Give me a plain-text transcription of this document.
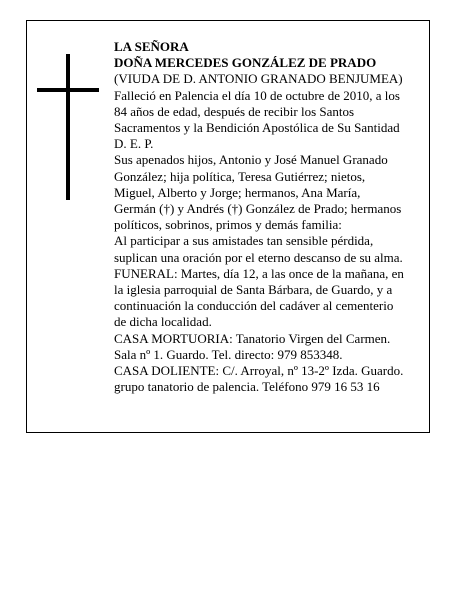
LA SEÑORA

DOÑA MERCEDES GONZÁLEZ DE PRADO

(VIUDA DE D. ANTONIO GRANADO BENJUMEA)

Falleció en Palencia el día 10 de octubre de 2010, a los
84 años de edad, después de recibir los Santos
Sacramentos y la Bendición Apostólica de Su Santidad
D. E. P.
Sus apenados hijos, Antonio y José Manuel Granado
González; hija política, Teresa Gutiérrez; nietos,
Miguel, Alberto y Jorge; hermanos, Ana María,
Germán (†) y Andrés (†) González de Prado; hermanos
políticos, sobrinos, primos y demás familia:
Al participar a sus amistades tan sensible pérdida,
suplican una oración por el eterno descanso de su alma.
FUNERAL: Martes, día 12, a las once de la mañana, en
la iglesia parroquial de Santa Bárbara, de Guardo, y a
continuación la conducción del cadáver al cementerio
de dicha localidad.
CASA MORTUORIA: Tanatorio Virgen del Carmen.
Sala nº 1. Guardo. Tel. directo: 979 853348.
CASA DOLIENTE: C/. Arroyal, nº 13-2º Izda. Guardo.
grupo tanatorio de palencia. Teléfono 979 16 53 16
